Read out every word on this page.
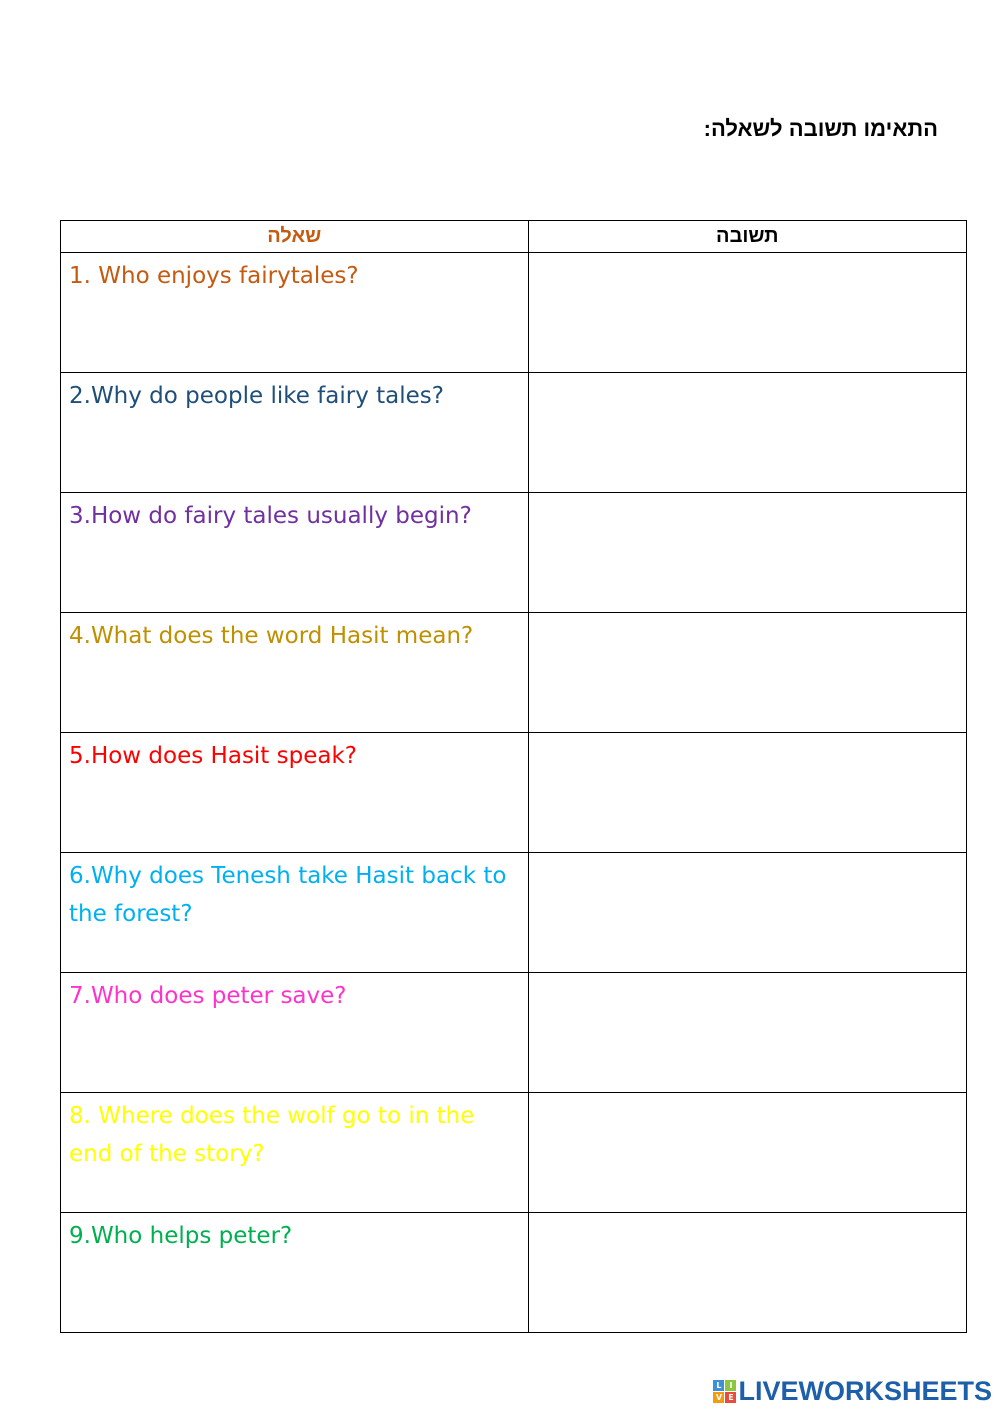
התאימו תשובה לשאלה:
שאלה	תשובה
1. Who enjoys fairytales?	
2.Why do people like fairy tales?	
3.How do fairy tales usually begin?	
4.What does the word Hasit mean?	
5.How does Hasit speak?	
6.Why does Tenesh take Hasit back to the forest?	
7.Who does peter save?	
8. Where does the wolf go to in the end of the story?	
9.Who helps peter?	
L I
V E LIVEWORKSHEETS
